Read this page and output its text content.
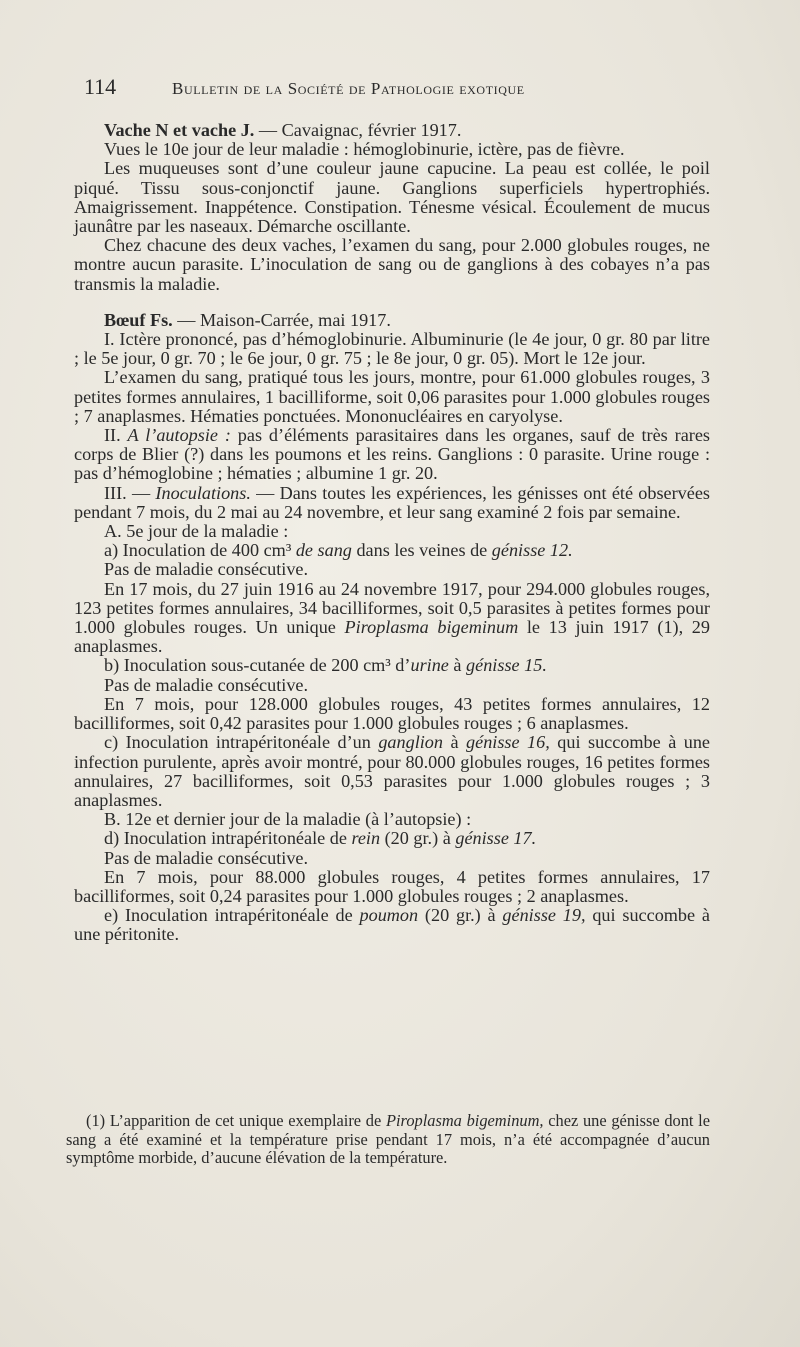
114	Bulletin de la Société de Pathologie exotique

Vache N et vache J. — Cavaignac, février 1917.

Vues le 10e jour de leur maladie : hémoglobinurie, ictère, pas de fièvre.

Les muqueuses sont d’une couleur jaune capucine. La peau est collée, le poil piqué. Tissu sous-conjonctif jaune. Ganglions superficiels hypertrophiés. Amaigrissement. Inappétence. Constipation. Ténesme vésical. Écoulement de mucus jaunâtre par les naseaux. Démarche oscillante.

Chez chacune des deux vaches, l’examen du sang, pour 2.000 globules rouges, ne montre aucun parasite. L’inoculation de sang ou de ganglions à des cobayes n’a pas transmis la maladie.

Bœuf Fs. — Maison-Carrée, mai 1917.

I. Ictère prononcé, pas d’hémoglobinurie. Albuminurie (le 4e jour, 0 gr. 80 par litre ; le 5e jour, 0 gr. 70 ; le 6e jour, 0 gr. 75 ; le 8e jour, 0 gr. 05). Mort le 12e jour.

L’examen du sang, pratiqué tous les jours, montre, pour 61.000 globules rouges, 3 petites formes annulaires, 1 bacilliforme, soit 0,06 parasites pour 1.000 globules rouges ; 7 anaplasmes. Hématies ponctuées. Mononucléaires en caryolyse.

II. A l’autopsie : pas d’éléments parasitaires dans les organes, sauf de très rares corps de Blier (?) dans les poumons et les reins. Ganglions : 0 parasite. Urine rouge : pas d’hémoglobine ; hématies ; albumine 1 gr. 20.

III. — Inoculations. — Dans toutes les expériences, les génisses ont été observées pendant 7 mois, du 2 mai au 24 novembre, et leur sang examiné 2 fois par semaine.

A. 5e jour de la maladie :

a) Inoculation de 400 cm³ de sang dans les veines de génisse 12.

Pas de maladie consécutive.

En 17 mois, du 27 juin 1916 au 24 novembre 1917, pour 294.000 globules rouges, 123 petites formes annulaires, 34 bacilliformes, soit 0,5 parasites à petites formes pour 1.000 globules rouges. Un unique Piroplasma bigeminum le 13 juin 1917 (1), 29 anaplasmes.

b) Inoculation sous-cutanée de 200 cm³ d’urine à génisse 15.

Pas de maladie consécutive.

En 7 mois, pour 128.000 globules rouges, 43 petites formes annulaires, 12 bacilliformes, soit 0,42 parasites pour 1.000 globules rouges ; 6 anaplasmes.

c) Inoculation intrapéritonéale d’un ganglion à génisse 16, qui succombe à une infection purulente, après avoir montré, pour 80.000 globules rouges, 16 petites formes annulaires, 27 bacilliformes, soit 0,53 parasites pour 1.000 globules rouges ; 3 anaplasmes.

B. 12e et dernier jour de la maladie (à l’autopsie) :

d) Inoculation intrapéritonéale de rein (20 gr.) à génisse 17.

Pas de maladie consécutive.

En 7 mois, pour 88.000 globules rouges, 4 petites formes annulaires, 17 bacilliformes, soit 0,24 parasites pour 1.000 globules rouges ; 2 anaplasmes.

e) Inoculation intrapéritonéale de poumon (20 gr.) à génisse 19, qui succombe à une péritonite.

(1) L’apparition de cet unique exemplaire de Piroplasma bigeminum, chez une génisse dont le sang a été examiné et la température prise pendant 17 mois, n’a été accompagnée d’aucun symptôme morbide, d’aucune élévation de la température.
